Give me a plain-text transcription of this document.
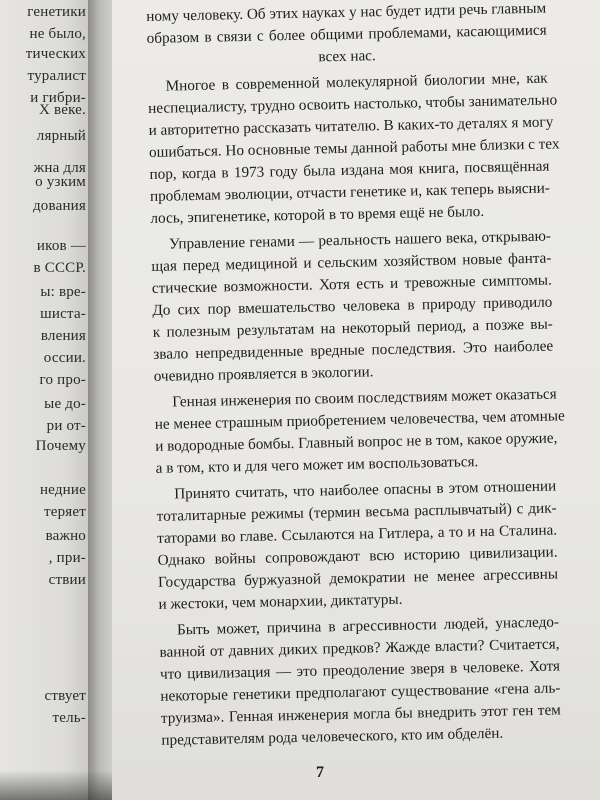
генетики
не было,
тических
туралист
и гибри-
X веке.
лярный
жна для
о узким
дования
иков —
в СССР.
ы: вре-
шиста-
вления
оссии.
го про-
ые до-
ри от-
Почему
недние
теряет
важно
, при-
ствии
ствует
тель-

ному человеку. Об этих науках у нас будет идти речь главным
образом в связи с более общими проблемами, касающимися
всех нас.

Многое в современной молекулярной биологии мне, как
неспециалисту, трудно освоить настолько, чтобы занимательно
и авторитетно рассказать читателю. В каких-то деталях я могу
ошибаться. Но основные темы данной работы мне близки с тех
пор, когда в 1973 году была издана моя книга, посвящённая
проблемам эволюции, отчасти генетике и, как теперь выясни-
лось, эпигенетике, которой в то время ещё не было.

Управление генами — реальность нашего века, открываю-
щая перед медициной и сельским хозяйством новые фанта-
стические возможности. Хотя есть и тревожные симптомы.
До сих пор вмешательство человека в природу приводило
к полезным результатам на некоторый период, а позже вы-
звало непредвиденные вредные последствия. Это наиболее
очевидно проявляется в экологии.

Генная инженерия по своим последствиям может оказаться
не менее страшным приобретением человечества, чем атомные
и водородные бомбы. Главный вопрос не в том, какое оружие,
а в том, кто и для чего может им воспользоваться.

Принято считать, что наиболее опасны в этом отношении
тоталитарные режимы (термин весьма расплывчатый) с дик-
таторами во главе. Ссылаются на Гитлера, а то и на Сталина.
Однако войны сопровождают всю историю цивилизации.
Государства буржуазной демократии не менее агрессивны
и жестоки, чем монархии, диктатуры.

Быть может, причина в агрессивности людей, унаследо-
ванной от давних диких предков? Жажде власти? Считается,
что цивилизация — это преодоление зверя в человеке. Хотя
некоторые генетики предполагают существование «гена аль-
труизма». Генная инженерия могла бы внедрить этот ген тем
представителям рода человеческого, кто им обделён.

7
